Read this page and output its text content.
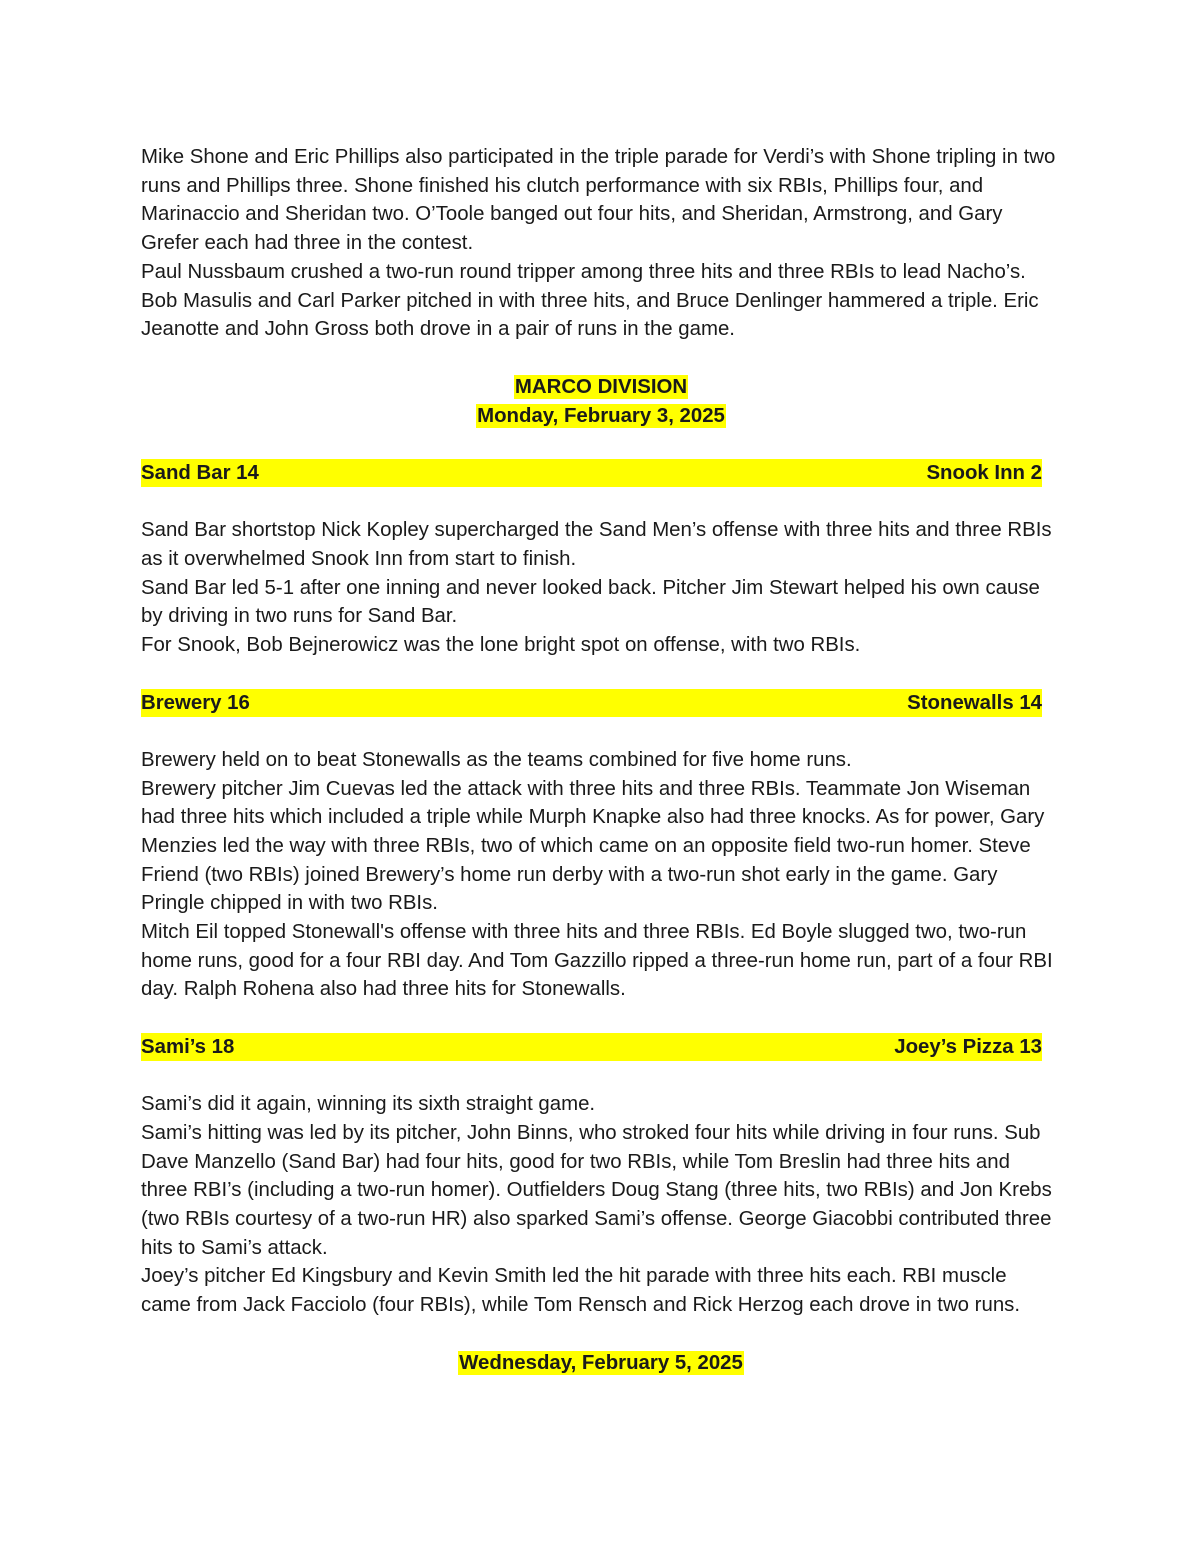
Mike Shone and Eric Phillips also participated in the triple parade for Verdi’s with Shone tripling in two runs and Phillips three. Shone finished his clutch performance with six RBIs, Phillips four, and Marinaccio and Sheridan two. O’Toole banged out four hits, and Sheridan, Armstrong, and Gary Grefer each had three in the contest.

Paul Nussbaum crushed a two-run round tripper among three hits and three RBIs to lead Nacho’s. Bob Masulis and Carl Parker pitched in with three hits, and Bruce Denlinger hammered a triple. Eric Jeanotte and John Gross both drove in a pair of runs in the game.

MARCO DIVISION
Monday, February 3, 2025
Sand Bar 14	Snook Inn 2

Sand Bar shortstop Nick Kopley supercharged the Sand Men’s offense with three hits and three RBIs as it overwhelmed Snook Inn from start to finish.

Sand Bar led 5-1 after one inning and never looked back. Pitcher Jim Stewart helped his own cause by driving in two runs for Sand Bar.

For Snook, Bob Bejnerowicz was the lone bright spot on offense, with two RBIs.

Brewery 16	Stonewalls 14

Brewery held on to beat Stonewalls as the teams combined for five home runs.

Brewery pitcher Jim Cuevas led the attack with three hits and three RBIs. Teammate Jon Wiseman had three hits which included a triple while Murph Knapke also had three knocks. As for power, Gary Menzies led the way with three RBIs, two of which came on an opposite field two-run homer. Steve Friend (two RBIs) joined Brewery’s home run derby with a two-run shot early in the game. Gary Pringle chipped in with two RBIs.

Mitch Eil topped Stonewall's offense with three hits and three RBIs. Ed Boyle slugged two, two-run home runs, good for a four RBI day. And Tom Gazzillo ripped a three-run home run, part of a four RBI day. Ralph Rohena also had three hits for Stonewalls.

Sami’s 18	Joey’s Pizza 13

Sami’s did it again, winning its sixth straight game.

Sami’s hitting was led by its pitcher, John Binns, who stroked four hits while driving in four runs. Sub Dave Manzello (Sand Bar) had four hits, good for two RBIs, while Tom Breslin had three hits and three RBI’s (including a two-run homer). Outfielders Doug Stang (three hits, two RBIs) and Jon Krebs (two RBIs courtesy of a two-run HR) also sparked Sami’s offense. George Giacobbi contributed three hits to Sami’s attack.

Joey’s pitcher Ed Kingsbury and Kevin Smith led the hit parade with three hits each. RBI muscle came from Jack Facciolo (four RBIs), while Tom Rensch and Rick Herzog each drove in two runs.

Wednesday, February 5, 2025
